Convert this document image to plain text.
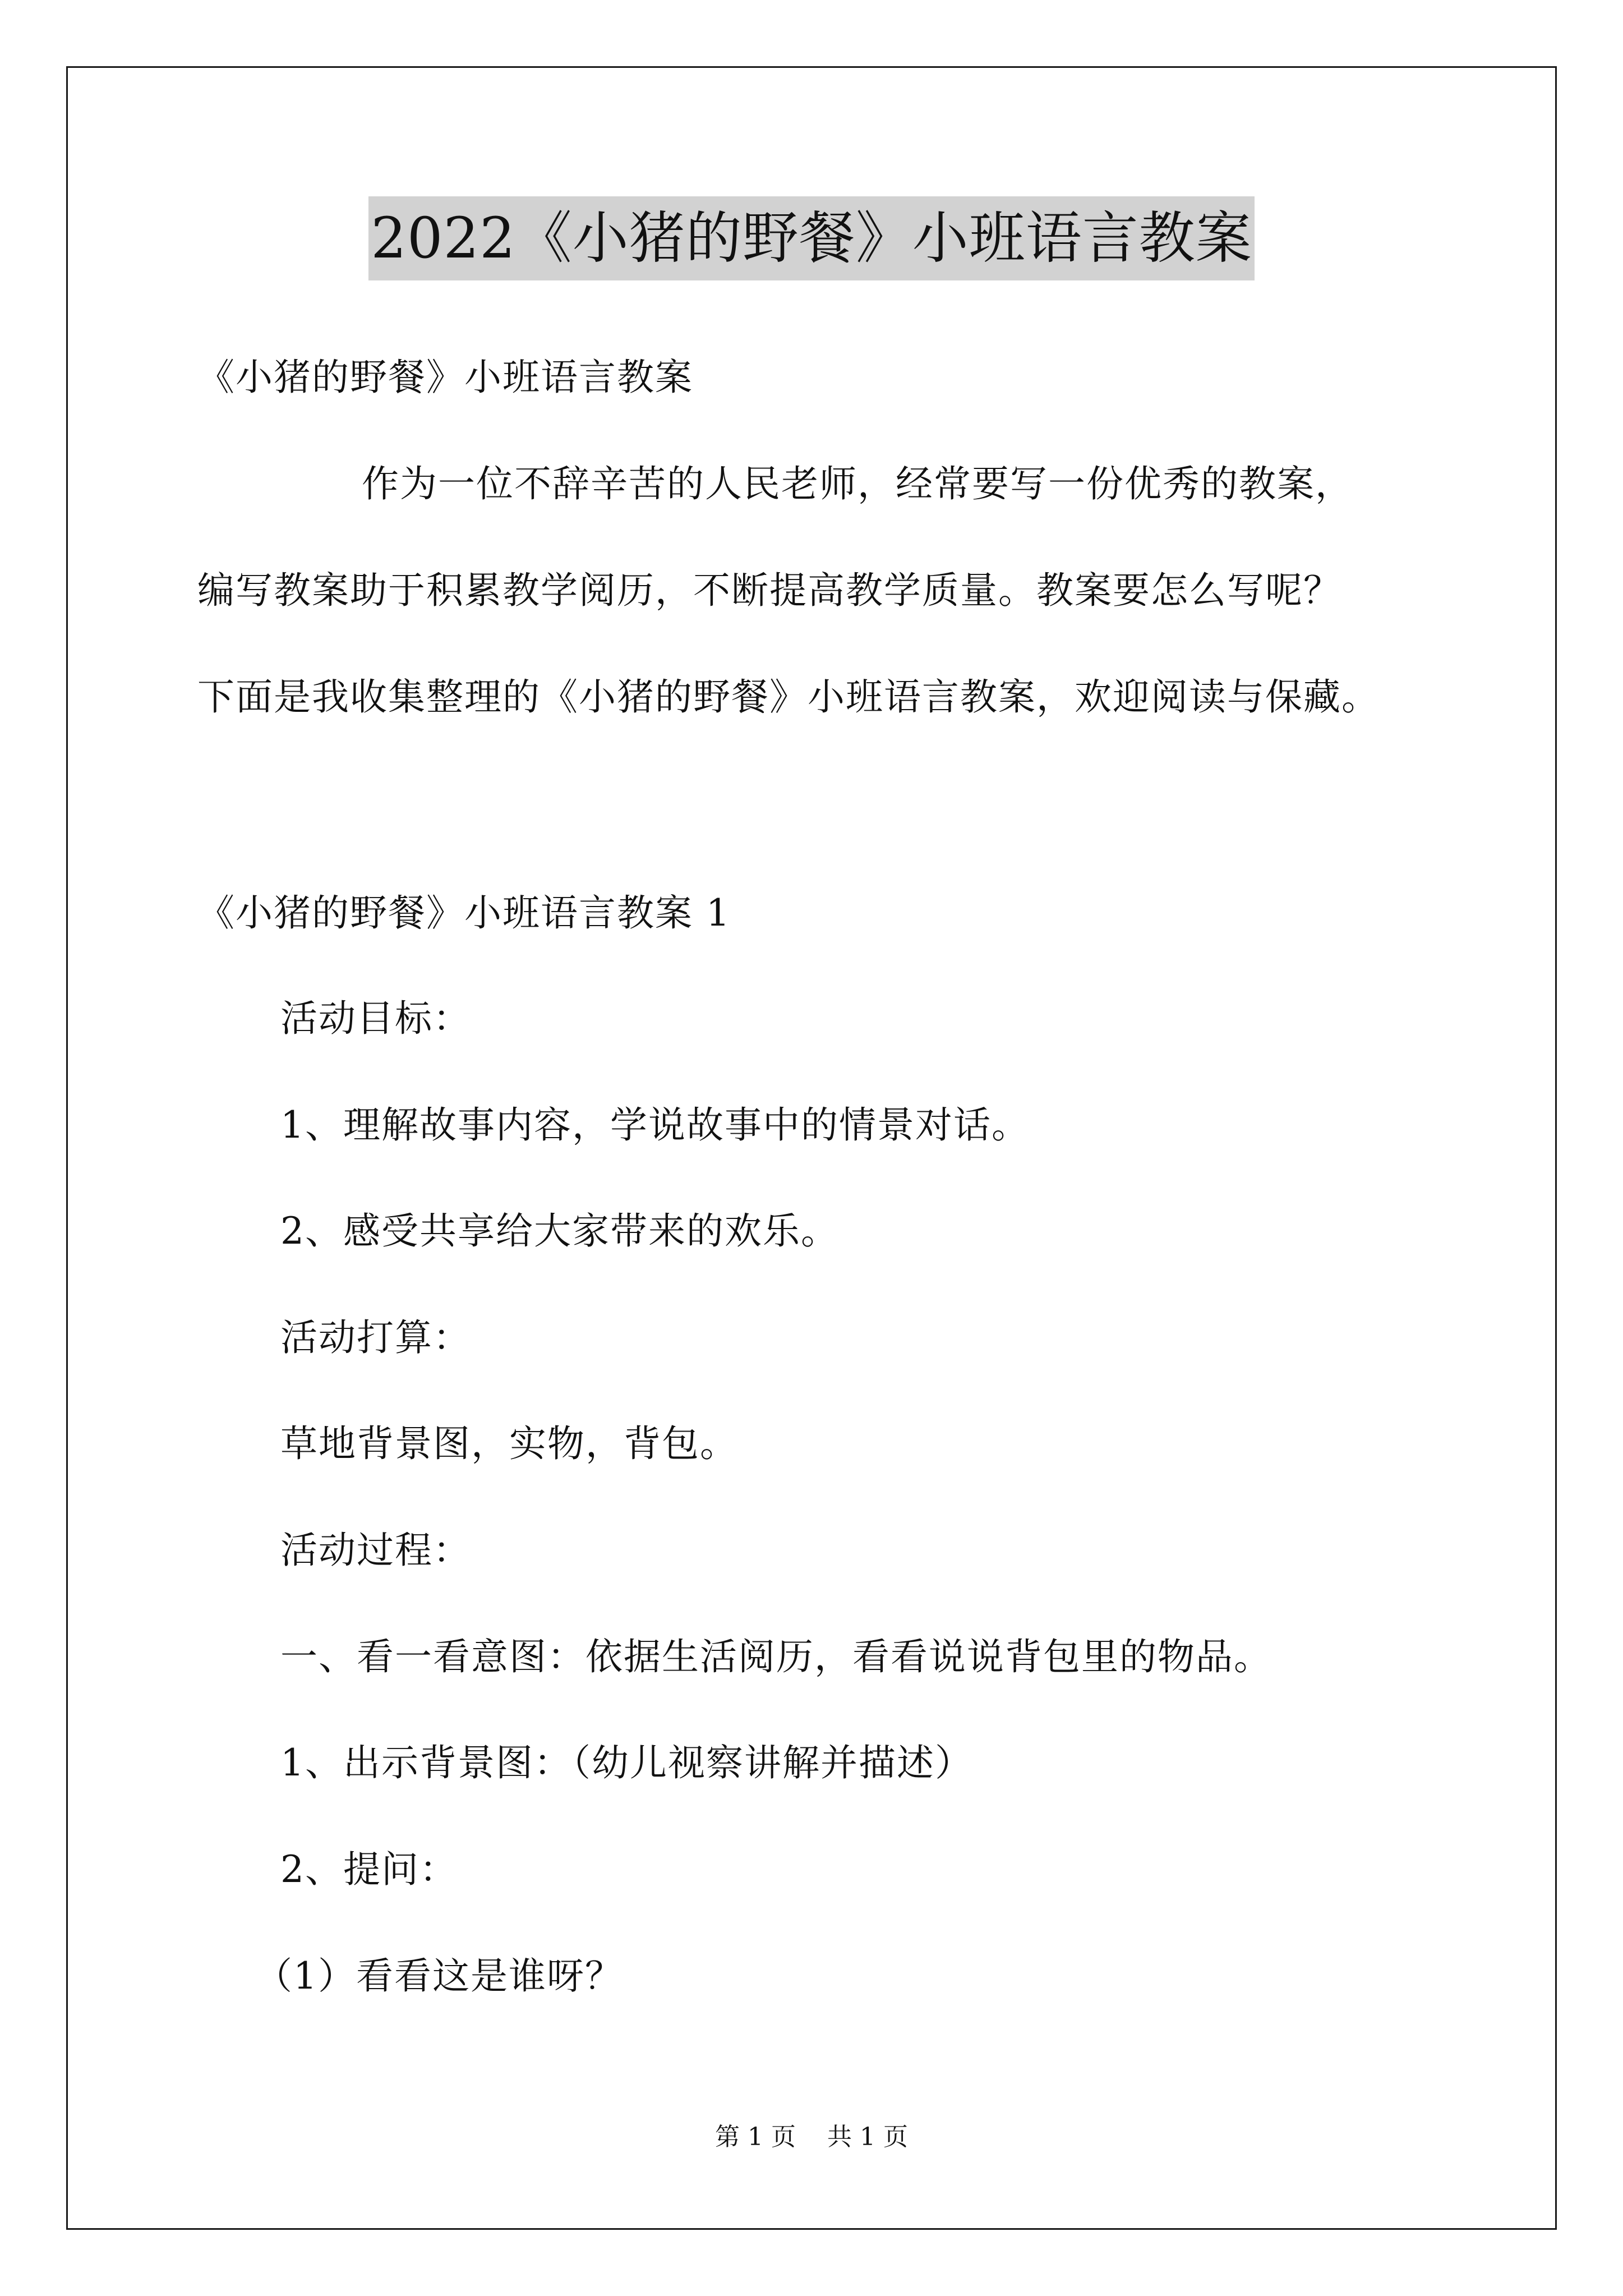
2022《小猪的野餐》小班语言教案
《小猪的野餐》小班语言教案
作为一位不辞辛苦的人民老师，经常要写一份优秀的教案，
编写教案助于积累教学阅历，不断提高教学质量。教案要怎么写呢？
下面是我收集整理的《小猪的野餐》小班语言教案，欢迎阅读与保藏。
《小猪的野餐》小班语言教案 1
活动目标：
1、理解故事内容，学说故事中的情景对话。
2、感受共享给大家带来的欢乐。
活动打算：
草地背景图，实物，背包。
活动过程：
一、看一看意图：依据生活阅历，看看说说背包里的物品。
1、出示背景图：（幼儿视察讲解并描述）
2、提问：
（1）看看这是谁呀？
第 1 页 共 1 页
